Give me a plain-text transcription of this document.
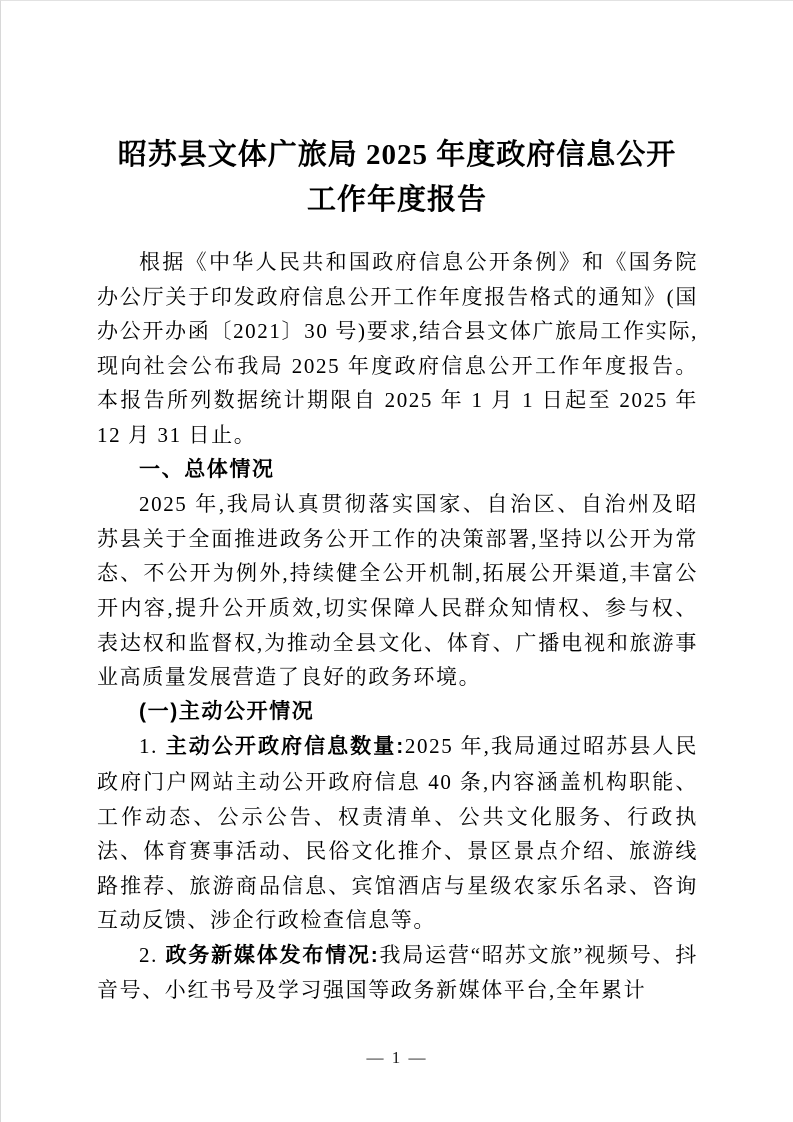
昭苏县文体广旅局 2025 年度政府信息公开
工作年度报告

根据《中华人民共和国政府信息公开条例》和《国务院办公厅关于印发政府信息公开工作年度报告格式的通知》(国办公开办函〔2021〕30 号)要求,结合县文体广旅局工作实际,现向社会公布我局 2025 年度政府信息公开工作年度报告。本报告所列数据统计期限自 2025 年 1 月 1 日起至 2025 年 12 月 31 日止。

一、总体情况

2025 年,我局认真贯彻落实国家、自治区、自治州及昭苏县关于全面推进政务公开工作的决策部署,坚持以公开为常态、不公开为例外,持续健全公开机制,拓展公开渠道,丰富公开内容,提升公开质效,切实保障人民群众知情权、参与权、表达权和监督权,为推动全县文化、体育、广播电视和旅游事业高质量发展营造了良好的政务环境。

(一)主动公开情况

1. 主动公开政府信息数量:2025 年,我局通过昭苏县人民政府门户网站主动公开政府信息 40 条,内容涵盖机构职能、工作动态、公示公告、权责清单、公共文化服务、行政执法、体育赛事活动、民俗文化推介、景区景点介绍、旅游线路推荐、旅游商品信息、宾馆酒店与星级农家乐名录、咨询互动反馈、涉企行政检查信息等。

2. 政务新媒体发布情况:我局运营“昭苏文旅”视频号、抖音号、小红书号及学习强国等政务新媒体平台,全年累计

— 1 —
